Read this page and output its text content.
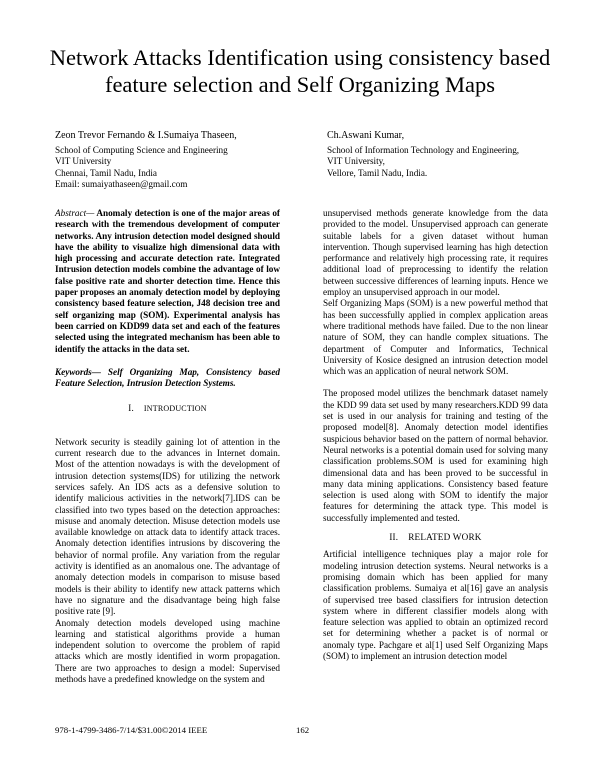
Network Attacks Identification using consistency based feature selection and Self Organizing Maps
Zeon Trevor Fernando & I.Sumaiya Thaseen,
School of Computing Science and Engineering
VIT University
Chennai, Tamil Nadu, India
Email: sumaiyathaseen@gmail.com
Ch.Aswani Kumar,
School of Information Technology and Engineering,
VIT University,
Vellore, Tamil Nadu, India.

Abstract— Anomaly detection is one of the major areas of research with the tremendous development of computer networks. Any intrusion detection model designed should have the ability to visualize high dimensional data with high processing and accurate detection rate. Integrated Intrusion detection models combine the advantage of low false positive rate and shorter detection time. Hence this paper proposes an anomaly detection model by deploying consistency based feature selection, J48 decision tree and self organizing map (SOM). Experimental analysis has been carried on KDD99 data set and each of the features selected using the integrated mechanism has been able to identify the attacks in the data set.

Keywords— Self Organizing Map, Consistency based Feature Selection, Intrusion Detection Systems.

I. INTRODUCTION

Network security is steadily gaining lot of attention in the current research due to the advances in Internet domain. Most of the attention nowadays is with the development of intrusion detection systems(IDS) for utilizing the network services safely. An IDS acts as a defensive solution to identify malicious activities in the network[7].IDS can be classified into two types based on the detection approaches: misuse and anomaly detection. Misuse detection models use available knowledge on attack data to identify attack traces. Anomaly detection identifies intrusions by discovering the behavior of normal profile. Any variation from the regular activity is identified as an anomalous one. The advantage of anomaly detection models in comparison to misuse based models is their ability to identify new attack patterns which have no signature and the disadvantage being high false positive rate [9].

Anomaly detection models developed using machine learning and statistical algorithms provide a human independent solution to overcome the problem of rapid attacks which are mostly identified in worm propagation. There are two approaches to design a model: Supervised methods have a predefined knowledge on the system and

unsupervised methods generate knowledge from the data provided to the model. Unsupervised approach can generate suitable labels for a given dataset without human intervention. Though supervised learning has high detection performance and relatively high processing rate, it requires additional load of preprocessing to identify the relation between successive differences of learning inputs. Hence we employ an unsupervised approach in our model.

Self Organizing Maps (SOM) is a new powerful method that has been successfully applied in complex application areas where traditional methods have failed. Due to the non linear nature of SOM, they can handle complex situations. The department of Computer and Informatics, Technical University of Kosice designed an intrusion detection model which was an application of neural network SOM.

The proposed model utilizes the benchmark dataset namely the KDD 99 data set used by many researchers.KDD 99 data set is used in our analysis for training and testing of the proposed model[8]. Anomaly detection model identifies suspicious behavior based on the pattern of normal behavior. Neural networks is a potential domain used for solving many classification problems.SOM is used for examining high dimensional data and has been proved to be successful in many data mining applications. Consistency based feature selection is used along with SOM to identify the major features for determining the attack type. This model is successfully implemented and tested.

II. RELATED WORK

Artificial intelligence techniques play a major role for modeling intrusion detection systems. Neural networks is a promising domain which has been applied for many classification problems. Sumaiya et al[16] gave an analysis of supervised tree based classifiers for intrusion detection system where in different classifier models along with feature selection was applied to obtain an optimized record set for determining whether a packet is of normal or anomaly type. Pachgare et al[1] used Self Organizing Maps (SOM) to implement an intrusion detection model

978-1-4799-3486-7/14/$31.00©2014 IEEE	162
